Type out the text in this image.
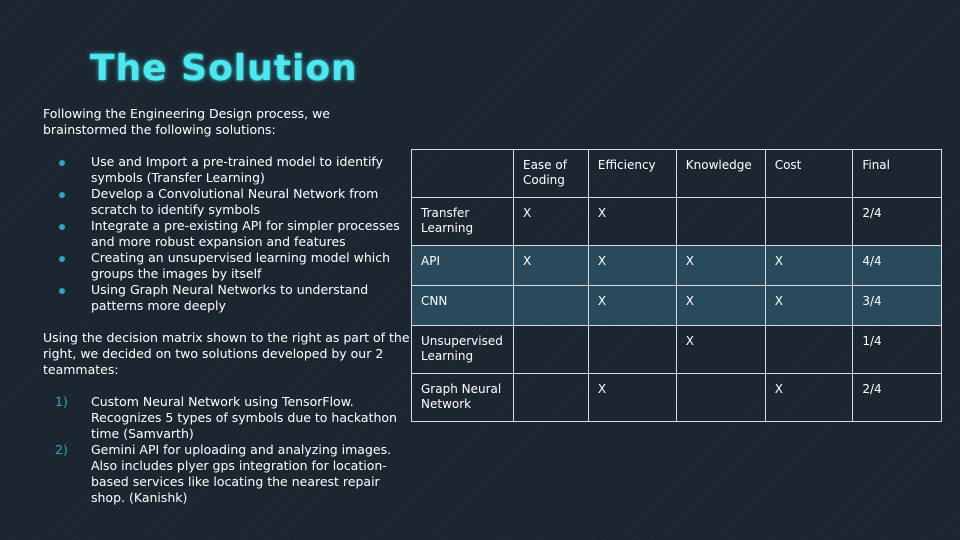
The Solution

Following the Engineering Design process, we brainstormed the following solutions:

Use and Import a pre-trained model to identify symbols (Transfer Learning)
Develop a Convolutional Neural Network from scratch to identify symbols
Integrate a pre-existing API for simpler processes and more robust expansion and features
Creating an unsupervised learning model which groups the images by itself
Using Graph Neural Networks to understand patterns more deeply

Using the decision matrix shown to the right as part of the right, we decided on two solutions developed by our 2 teammates:

1) Custom Neural Network using TensorFlow. Recognizes 5 types of symbols due to hackathon time (Samvarth)
2) Gemini API for uploading and analyzing images. Also includes plyer gps integration for location-based services like locating the nearest repair shop. (Kanishk)
	Ease of Coding	Efficiency	Knowledge	Cost	Final
Transfer Learning	X	X			2/4
API	X	X	X	X	4/4
CNN		X	X	X	3/4
Unsupervised Learning			X		1/4
Graph Neural Network		X		X	2/4
